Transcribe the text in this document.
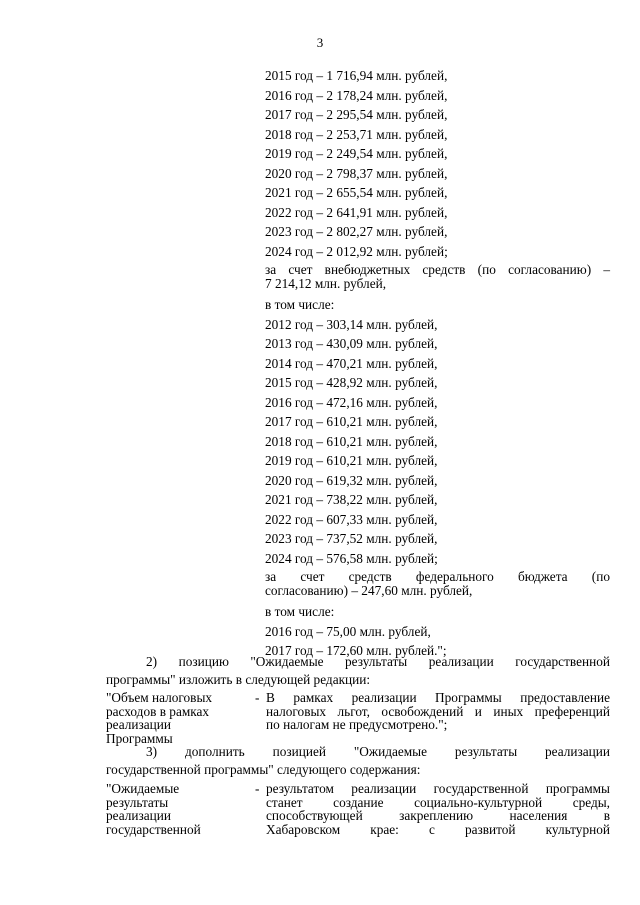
3
2015 год – 1 716,94 млн. рублей,
2016 год – 2 178,24 млн. рублей,
2017 год – 2 295,54 млн. рублей,
2018 год – 2 253,71 млн. рублей,
2019 год – 2 249,54 млн. рублей,
2020 год – 2 798,37 млн. рублей,
2021 год – 2 655,54 млн. рублей,
2022 год – 2 641,91 млн. рублей,
2023 год – 2 802,27 млн. рублей,
2024 год – 2 012,92 млн. рублей;
за счет внебюджетных средств (по согласованию) –
7 214,12 млн. рублей,
в том числе:
2012 год – 303,14 млн. рублей,
2013 год – 430,09 млн. рублей,
2014 год – 470,21 млн. рублей,
2015 год – 428,92 млн. рублей,
2016 год – 472,16 млн. рублей,
2017 год – 610,21 млн. рублей,
2018 год – 610,21 млн. рублей,
2019 год – 610,21 млн. рублей,
2020 год – 619,32 млн. рублей,
2021 год – 738,22 млн. рублей,
2022 год – 607,33 млн. рублей,
2023 год – 737,52 млн. рублей,
2024 год – 576,58 млн. рублей;
за счет средств федерального бюджета (по
согласованию) – 247,60 млн. рублей,
в том числе:
2016 год – 75,00 млн. рублей,
2017 год – 172,60 млн. рублей.";
2) позицию "Ожидаемые результаты реализации государственной
программы" изложить в следующей редакции:
"Объем налоговых
расходов в рамках
реализации
Программы
- В рамках реализации Программы предоставление
налоговых льгот, освобождений и иных преференций
по налогам не предусмотрено.";
3) дополнить позицией "Ожидаемые результаты реализации
государственной программы" следующего содержания:
"Ожидаемые
результаты
реализации
государственной
- результатом реализации государственной программы
станет создание социально-культурной среды,
способствующей закреплению населения в
Хабаровском крае: с развитой культурной
